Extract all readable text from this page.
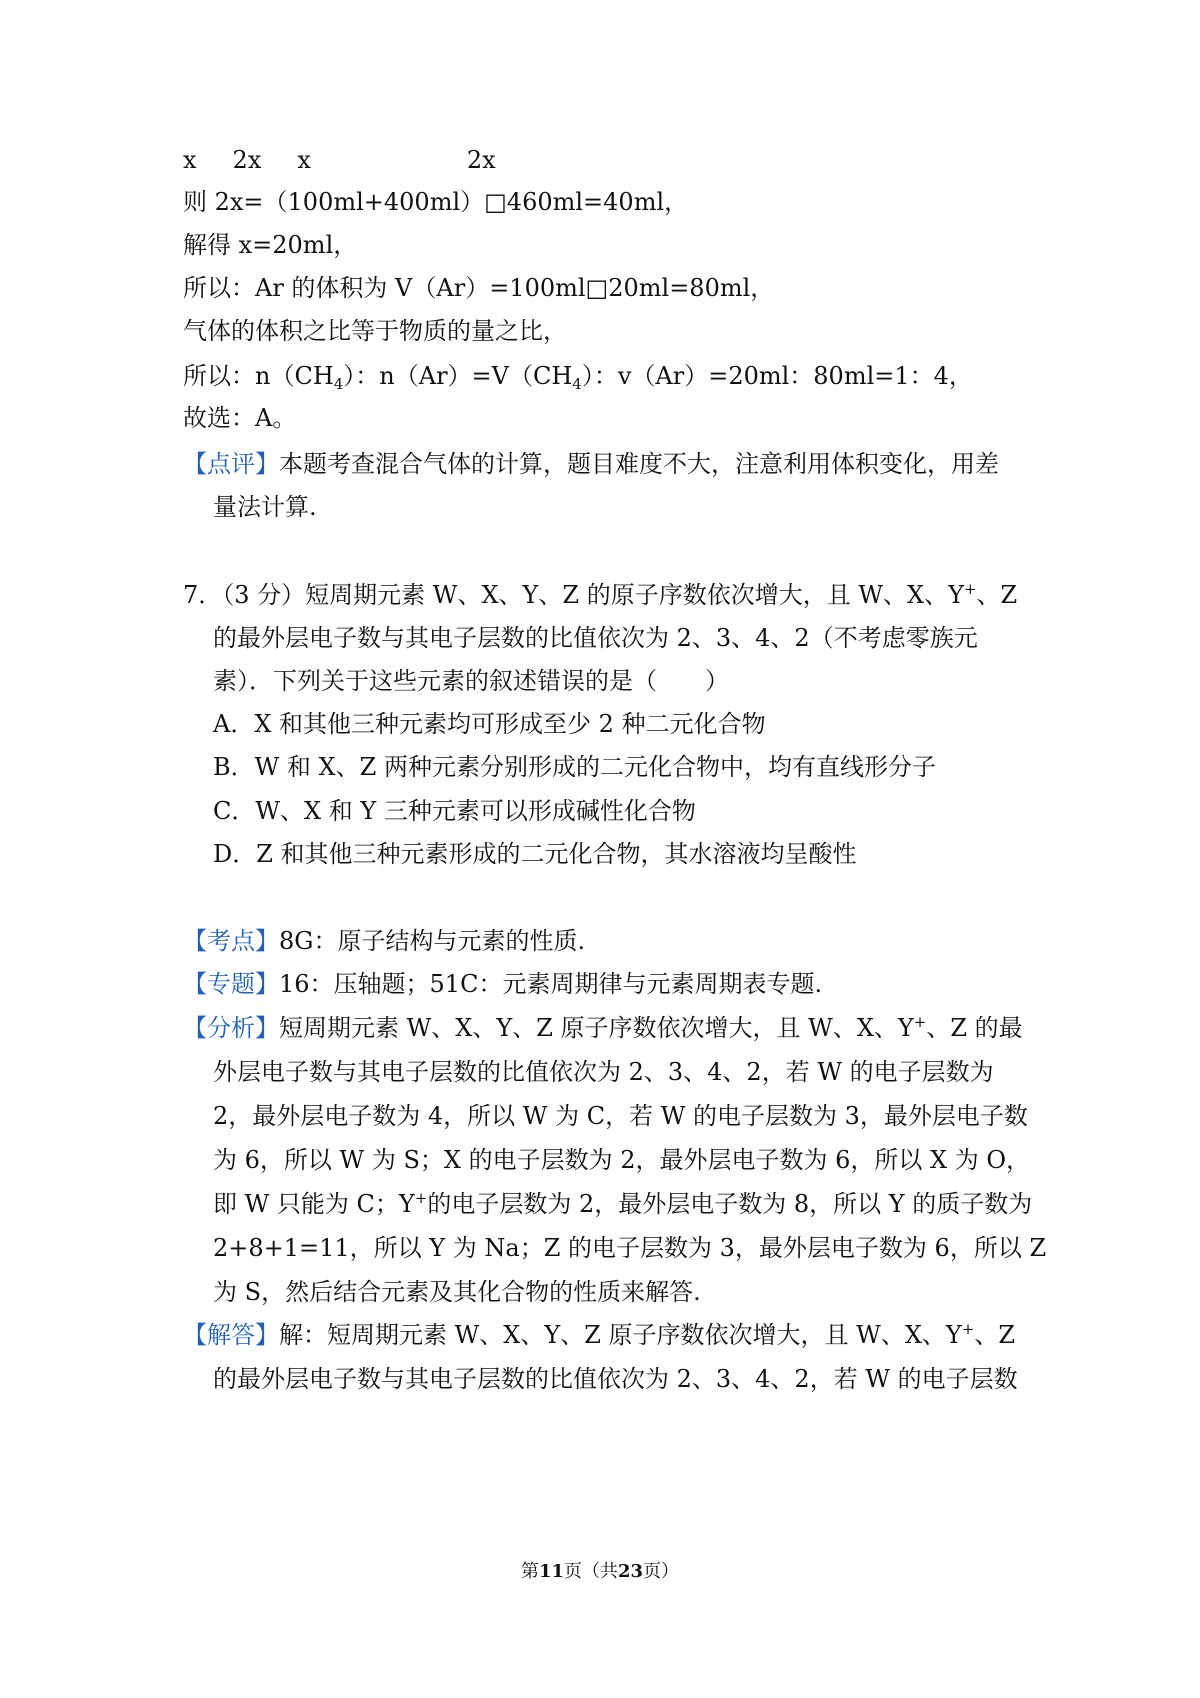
x 2x x	2x
则 2x=（100ml+400ml）□460ml=40ml，
解得 x=20ml，
所以：Ar 的体积为 V（Ar）=100ml□20ml=80ml，
气体的体积之比等于物质的量之比，
所以：$n(CH_4)$：$n(Ar)=V(CH_4)$：v（Ar）=20ml：80ml=1：4，
故选：A。
【点评】本题考查混合气体的计算，题目难度不大，注意利用体积变化，用差
量法计算.
7．（3 分）短周期元素 W、X、Y、Z 的原子序数依次增大，且 W、X、Y+、Z
的最外层电子数与其电子层数的比值依次为 2、3、4、2（不考虑零族元
素）．下列关于这些元素的叙述错误的是（　　）
A．X 和其他三种元素均可形成至少 2 种二元化合物
B．W 和 X、Z 两种元素分别形成的二元化合物中，均有直线形分子
C．W、X 和 Y 三种元素可以形成碱性化合物
D．Z 和其他三种元素形成的二元化合物，其水溶液均呈酸性
【考点】8G：原子结构与元素的性质.
【专题】16：压轴题；51C：元素周期律与元素周期表专题.
【分析】短周期元素 W、X、Y、Z 原子序数依次增大，且 W、X、Y+、Z 的最
外层电子数与其电子层数的比值依次为 2、3、4、2，若 W 的电子层数为
2，最外层电子数为 4，所以 W 为 C，若 W 的电子层数为 3，最外层电子数
为 6，所以 W 为 S；X 的电子层数为 2，最外层电子数为 6，所以 X 为 O，
即 W 只能为 C；Y+的电子层数为 2，最外层电子数为 8，所以 Y 的质子数为
2+8+1=11，所以 Y 为 Na；Z 的电子层数为 3，最外层电子数为 6，所以 Z
为 S，然后结合元素及其化合物的性质来解答.
【解答】解：短周期元素 W、X、Y、Z 原子序数依次增大，且 W、X、Y+、Z
的最外层电子数与其电子层数的比值依次为 2、3、4、2，若 W 的电子层数
第11页（共23页）
